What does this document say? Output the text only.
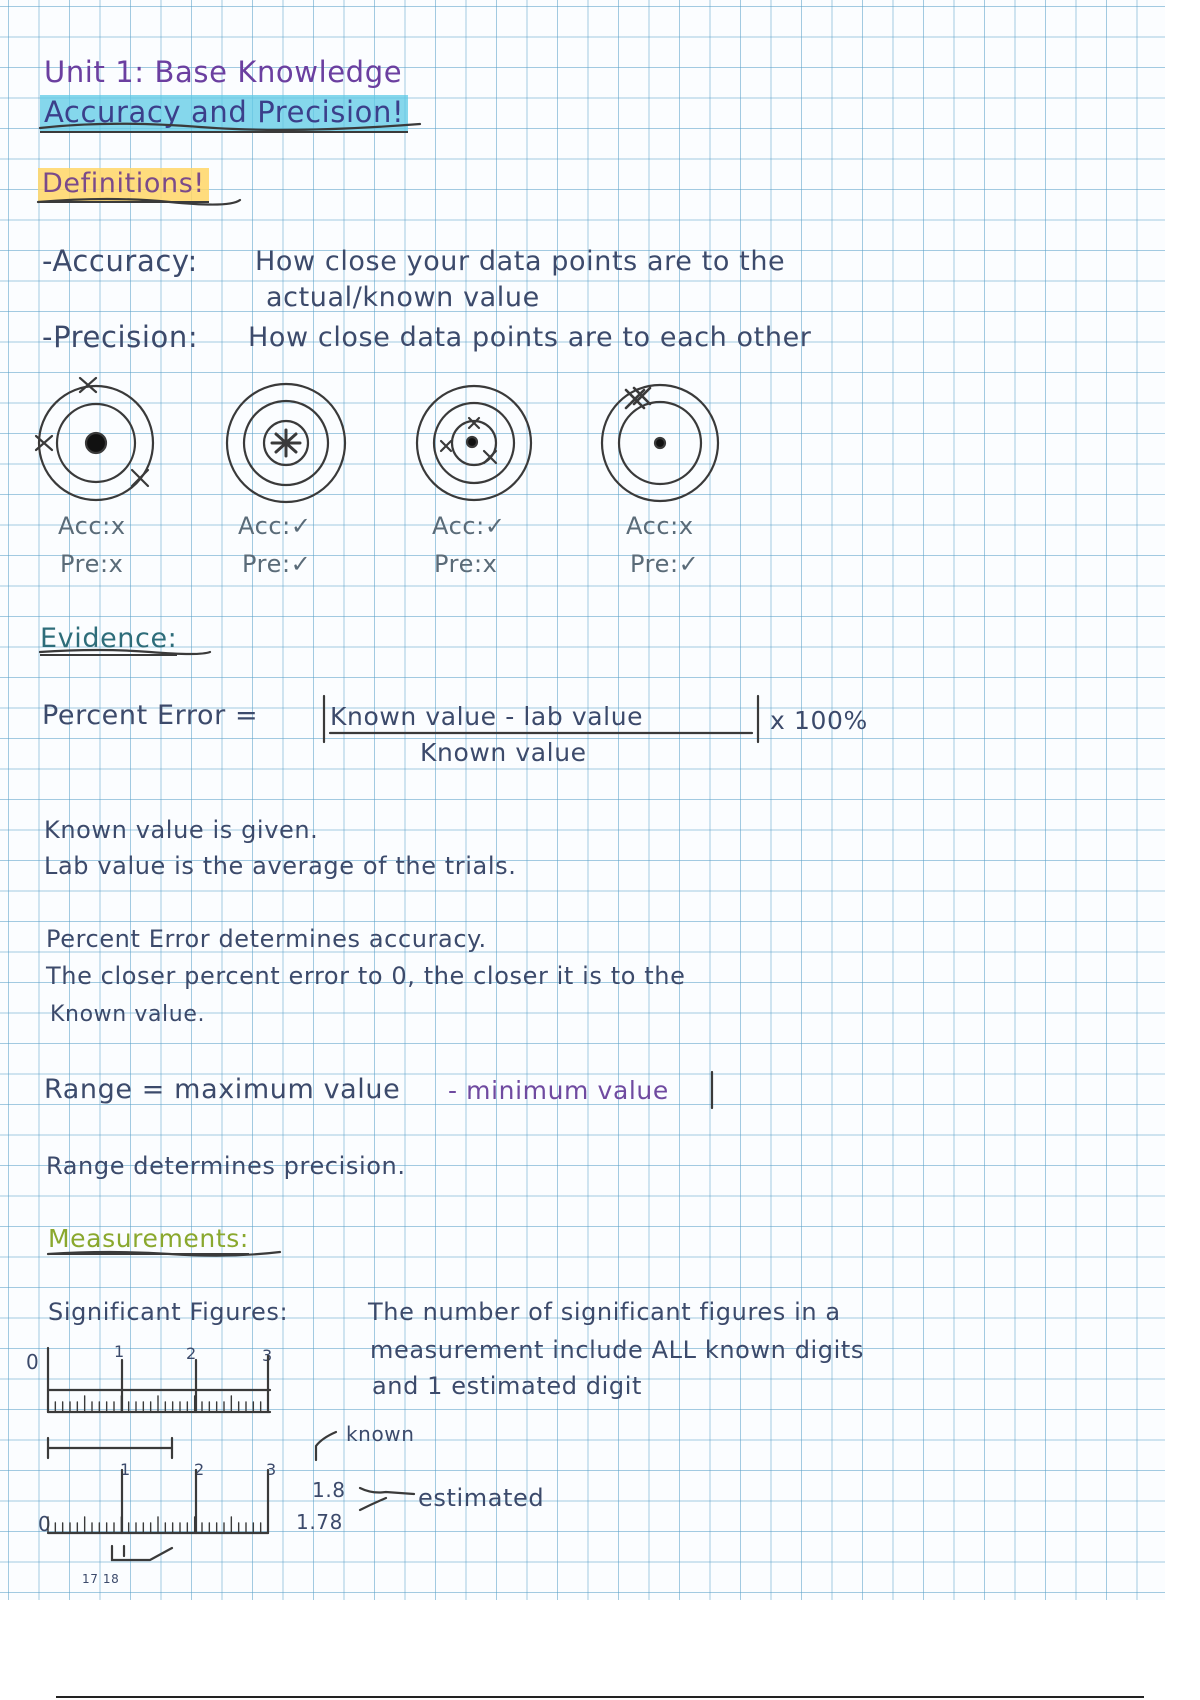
Unit 1: Base Knowledge
Accuracy and Precision!
Definitions!
-Accuracy: How close your data points are to the
actual/known value
-Precision: How close data points are to each other
Acc:x
Pre:x
Acc:✓
Pre:✓
Acc:✓
Pre:x
Acc:x
Pre:✓
Evidence:
Percent Error =	Known value - lab value
Known value
x 100%
Known value is given.
Lab value is the average of the trials.
Percent Error determines accuracy.
The closer percent error to 0, the closer it is to the
Known value.
Range = maximum value - minimum value
Range determines precision.
Measurements:
Significant Figures:	The number of significant figures in a
measurement include ALL known digits
and 1 estimated digit
0	1	2	3
0
1	2	3
17 18
known
1.8	estimated
1.78
